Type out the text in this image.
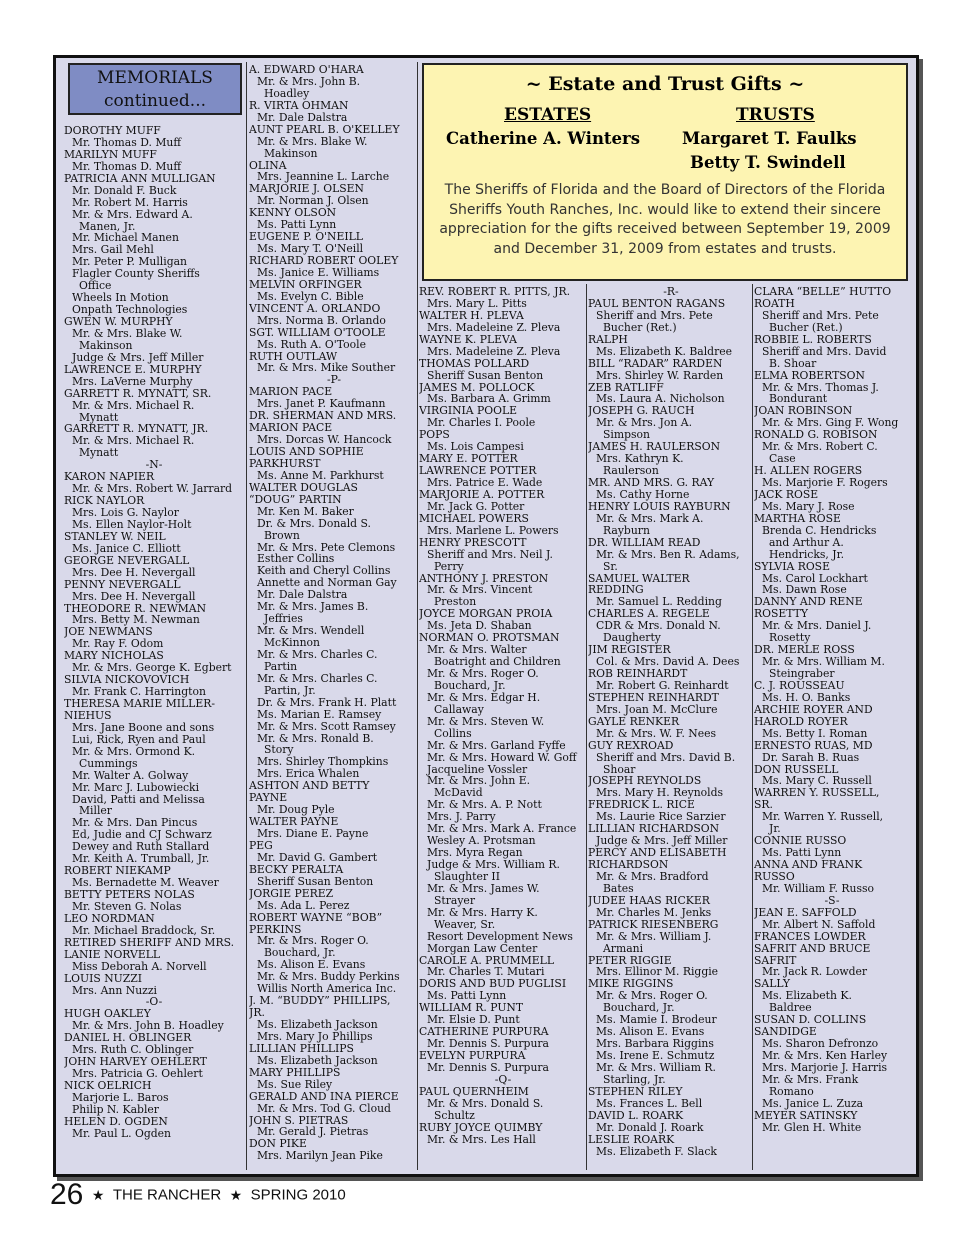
MEMORIALS
continued...
DOROTHY MUFF
Mr. Thomas D. Muff
MARILYN MUFF
Mr. Thomas D. Muff
PATRICIA ANN MULLIGAN
Mr. Donald F. Buck
Mr. Robert M. Harris
Mr. & Mrs. Edward A.
Manen, Jr.
Mr. Michael Manen
Mrs. Gail Mehl
Mr. Peter P. Mulligan
Flagler County Sheriffs
Office
Wheels In Motion
Onpath Technologies
GWEN W. MURPHY
Mr. & Mrs. Blake W.
Makinson
Judge & Mrs. Jeff Miller
LAWRENCE E. MURPHY
Mrs. LaVerne Murphy
GARRETT R. MYNATT, SR.
Mr. & Mrs. Michael R.
Mynatt
GARRETT R. MYNATT, JR.
Mr. & Mrs. Michael R.
Mynatt
-N-
KARON NAPIER
Mr. & Mrs. Robert W. Jarrard
RICK NAYLOR
Mrs. Lois G. Naylor
Ms. Ellen Naylor-Holt
STANLEY W. NEIL
Ms. Janice C. Elliott
GEORGE NEVERGALL
Mrs. Dee H. Nevergall
PENNY NEVERGALL
Mrs. Dee H. Nevergall
THEODORE R. NEWMAN
Mrs. Betty M. Newman
JOE NEWMANS
Mr. Ray F. Odom
MARY NICHOLAS
Mr. & Mrs. George K. Egbert
SILVIA NICKOVOVICH
Mr. Frank C. Harrington
THERESA MARIE MILLER-
NIEHUS
Mrs. Jane Boone and sons
Lui, Rick, Ryen and Paul
Mr. & Mrs. Ormond K.
Cummings
Mr. Walter A. Golway
Mr. Marc J. Lubowiecki
David, Patti and Melissa
Miller
Mr. & Mrs. Dan Pincus
Ed, Judie and CJ Schwarz
Dewey and Ruth Stallard
Mr. Keith A. Trumball, Jr.
ROBERT NIEKAMP
Ms. Bernadette M. Weaver
BETTY PETERS NOLAS
Mr. Steven G. Nolas
LEO NORDMAN
Mr. Michael Braddock, Sr.
RETIRED SHERIFF AND MRS.
LANIE NORVELL
Miss Deborah A. Norvell
LOUIS NUZZI
Mrs. Ann Nuzzi
-O-
HUGH OAKLEY
Mr. & Mrs. John B. Hoadley
DANIEL H. OBLINGER
Mrs. Ruth C. Oblinger
JOHN HARVEY OEHLERT
Mrs. Patricia G. Oehlert
NICK OELRICH
Marjorie L. Baros
Philip N. Kabler
HELEN D. OGDEN
Mr. Paul L. Ogden
A. EDWARD O'HARA
Mr. & Mrs. John B.
Hoadley
R. VIRTA OHMAN
Mr. Dale Dalstra
AUNT PEARL B. O'KELLEY
Mr. & Mrs. Blake W.
Makinson
OLINA
Mrs. Jeannine L. Larche
MARJORIE J. OLSEN
Mr. Norman J. Olsen
KENNY OLSON
Ms. Patti Lynn
EUGENE P. O'NEILL
Ms. Mary T. O'Neill
RICHARD ROBERT OOLEY
Ms. Janice E. Williams
MELVIN ORFINGER
Ms. Evelyn C. Bible
VINCENT A. ORLANDO
Mrs. Norma B. Orlando
SGT. WILLIAM O'TOOLE
Ms. Ruth A. O'Toole
RUTH OUTLAW
Mr. & Mrs. Mike Souther
-P-
MARION PACE
Mrs. Janet P. Kaufmann
DR. SHERMAN AND MRS.
MARION PACE
Mrs. Dorcas W. Hancock
LOUIS AND SOPHIE
PARKHURST
Ms. Anne M. Parkhurst
WALTER DOUGLAS
“DOUG” PARTIN
Mr. Ken M. Baker
Dr. & Mrs. Donald S.
Brown
Mr. & Mrs. Pete Clemons
Esther Collins
Keith and Cheryl Collins
Annette and Norman Gay
Mr. Dale Dalstra
Mr. & Mrs. James B.
Jeffries
Mr. & Mrs. Wendell
McKinnon
Mr. & Mrs. Charles C.
Partin
Mr. & Mrs. Charles C.
Partin, Jr.
Dr. & Mrs. Frank H. Platt
Ms. Marian E. Ramsey
Mr. & Mrs. Scott Ramsey
Mr. & Mrs. Ronald B.
Story
Mrs. Shirley Thompkins
Mrs. Erica Whalen
ASHTON AND BETTY
PAYNE
Mr. Doug Pyle
WALTER PAYNE
Mrs. Diane E. Payne
PEG
Mr. David G. Gambert
BECKY PERALTA
Sheriff Susan Benton
JORGIE PEREZ
Ms. Ada L. Perez
ROBERT WAYNE “BOB”
PERKINS
Mr. & Mrs. Roger O.
Bouchard, Jr.
Ms. Alison E. Evans
Mr. & Mrs. Buddy Perkins
Willis North America Inc.
J. M. “BUDDY” PHILLIPS,
JR.
Ms. Elizabeth Jackson
Mrs. Mary Jo Phillips
LILLIAN PHILLIPS
Ms. Elizabeth Jackson
MARY PHILLIPS
Ms. Sue Riley
GERALD AND INA PIERCE
Mr. & Mrs. Tod G. Cloud
JOHN S. PIETRAS
Mr. Gerald J. Pietras
DON PIKE
Mrs. Marilyn Jean Pike
~ Estate and Trust Gifts ~
ESTATES	TRUSTS
Catherine A. Winters	Margaret T. Faulks
Betty T. Swindell
The Sheriffs of Florida and the Board of Directors of the Florida Sheriffs Youth Ranches, Inc. would like to extend their sincere appreciation for the gifts received between September 19, 2009 and December 31, 2009 from estates and trusts.
REV. ROBERT R. PITTS, JR.
Mrs. Mary L. Pitts
WALTER H. PLEVA
Mrs. Madeleine Z. Pleva
WAYNE K. PLEVA
Mrs. Madeleine Z. Pleva
THOMAS POLLARD
Sheriff Susan Benton
JAMES M. POLLOCK
Ms. Barbara A. Grimm
VIRGINIA POOLE
Mr. Charles I. Poole
POPS
Ms. Lois Campesi
MARY E. POTTER
LAWRENCE POTTER
Mrs. Patrice E. Wade
MARJORIE A. POTTER
Mr. Jack G. Potter
MICHAEL POWERS
Mrs. Marlene L. Powers
HENRY PRESCOTT
Sheriff and Mrs. Neil J.
Perry
ANTHONY J. PRESTON
Mr. & Mrs. Vincent
Preston
JOYCE MORGAN PROIA
Ms. Jeta D. Shaban
NORMAN O. PROTSMAN
Mr. & Mrs. Walter
Boatright and Children
Mr. & Mrs. Roger O.
Bouchard, Jr.
Mr. & Mrs. Edgar H.
Callaway
Mr. & Mrs. Steven W.
Collins
Mr. & Mrs. Garland Fyffe
Mr. & Mrs. Howard W. Goff
Jacqueline Vossler
Mr. & Mrs. John E.
McDavid
Mr. & Mrs. A. P. Nott
Mrs. J. Parry
Mr. & Mrs. Mark A. France
Wesley A. Protsman
Mrs. Myra Regan
Judge & Mrs. William R.
Slaughter II
Mr. & Mrs. James W.
Strayer
Mr. & Mrs. Harry K.
Weaver, Sr.
Resort Development News
Morgan Law Center
CAROLE A. PRUMMELL
Mr. Charles T. Mutari
DORIS AND BUD PUGLISI
Ms. Patti Lynn
WILLIAM R. PUNT
Mr. Elsie D. Punt
CATHERINE PURPURA
Mr. Dennis S. Purpura
EVELYN PURPURA
Mr. Dennis S. Purpura
-Q-
PAUL QUERNHEIM
Mr. & Mrs. Donald S.
Schultz
RUBY JOYCE QUIMBY
Mr. & Mrs. Les Hall
-R-
PAUL BENTON RAGANS
Sheriff and Mrs. Pete
Bucher (Ret.)
RALPH
Ms. Elizabeth K. Baldree
BILL “RADAR” RARDEN
Mrs. Shirley W. Rarden
ZEB RATLIFF
Ms. Laura A. Nicholson
JOSEPH G. RAUCH
Mr. & Mrs. Jon A.
Simpson
JAMES H. RAULERSON
Mrs. Kathryn K.
Raulerson
MR. AND MRS. G. RAY
Ms. Cathy Horne
HENRY LOUIS RAYBURN
Mr. & Mrs. Mark A.
Rayburn
DR. WILLIAM READ
Mr. & Mrs. Ben R. Adams,
Sr.
SAMUEL WALTER
REDDING
Mr. Samuel L. Redding
CHARLES A. REGELE
CDR & Mrs. Donald N.
Daugherty
JIM REGISTER
Col. & Mrs. David A. Dees
ROB REINHARDT
Mr. Robert G. Reinhardt
STEPHEN REINHARDT
Mrs. Joan M. McClure
GAYLE RENKER
Mr. & Mrs. W. F. Nees
GUY REXROAD
Sheriff and Mrs. David B.
Shoar
JOSEPH REYNOLDS
Mrs. Mary H. Reynolds
FREDRICK L. RICE
Ms. Laurie Rice Sarzier
LILLIAN RICHARDSON
Judge & Mrs. Jeff Miller
PERCY AND ELISABETH
RICHARDSON
Mr. & Mrs. Bradford
Bates
JUDEE HAAS RICKER
Mr. Charles M. Jenks
PATRICK RIESENBERG
Mr. & Mrs. William J.
Armani
PETER RIGGIE
Mrs. Ellinor M. Riggie
MIKE RIGGINS
Mr. & Mrs. Roger O.
Bouchard, Jr.
Ms. Mamie I. Brodeur
Ms. Alison E. Evans
Mrs. Barbara Riggins
Ms. Irene E. Schmutz
Mr. & Mrs. William R.
Starling, Jr.
STEPHEN RILEY
Ms. Frances L. Bell
DAVID L. ROARK
Mr. Donald J. Roark
LESLIE ROARK
Ms. Elizabeth F. Slack
CLARA “BELLE” HUTTO
ROATH
Sheriff and Mrs. Pete
Bucher (Ret.)
ROBBIE L. ROBERTS
Sheriff and Mrs. David
B. Shoar
ELMA ROBERTSON
Mr. & Mrs. Thomas J.
Bondurant
JOAN ROBINSON
Mr. & Mrs. Ging F. Wong
RONALD G. ROBISON
Mr. & Mrs. Robert C.
Case
H. ALLEN ROGERS
Ms. Marjorie F. Rogers
JACK ROSE
Ms. Mary J. Rose
MARTHA ROSE
Brenda C. Hendricks
and Arthur A.
Hendricks, Jr.
SYLVIA ROSE
Ms. Carol Lockhart
Ms. Dawn Rose
DANNY AND RENE
ROSETTY
Mr. & Mrs. Daniel J.
Rosetty
DR. MERLE ROSS
Mr. & Mrs. William M.
Steingraber
C. J. ROUSSEAU
Ms. H. O. Banks
ARCHIE ROYER AND
HAROLD ROYER
Ms. Betty I. Roman
ERNESTO RUAS, MD
Dr. Sarah B. Ruas
DON RUSSELL
Ms. Mary C. Russell
WARREN Y. RUSSELL,
SR.
Mr. Warren Y. Russell,
Jr.
CONNIE RUSSO
Ms. Patti Lynn
ANNA AND FRANK
RUSSO
Mr. William F. Russo
-S-
JEAN E. SAFFOLD
Mr. Albert N. Saffold
FRANCES LOWDER
SAFRIT AND BRUCE
SAFRIT
Mr. Jack R. Lowder
SALLY
Ms. Elizabeth K.
Baldree
SUSAN D. COLLINS
SANDIDGE
Ms. Sharon Defronzo
Mr. & Mrs. Ken Harley
Mrs. Marjorie J. Harris
Mr. & Mrs. Frank
Romano
Ms. Janice L. Zuza
MEYER SATINSKY
Mr. Glen H. White
26 ★ THE RANCHER ★ SPRING 2010
